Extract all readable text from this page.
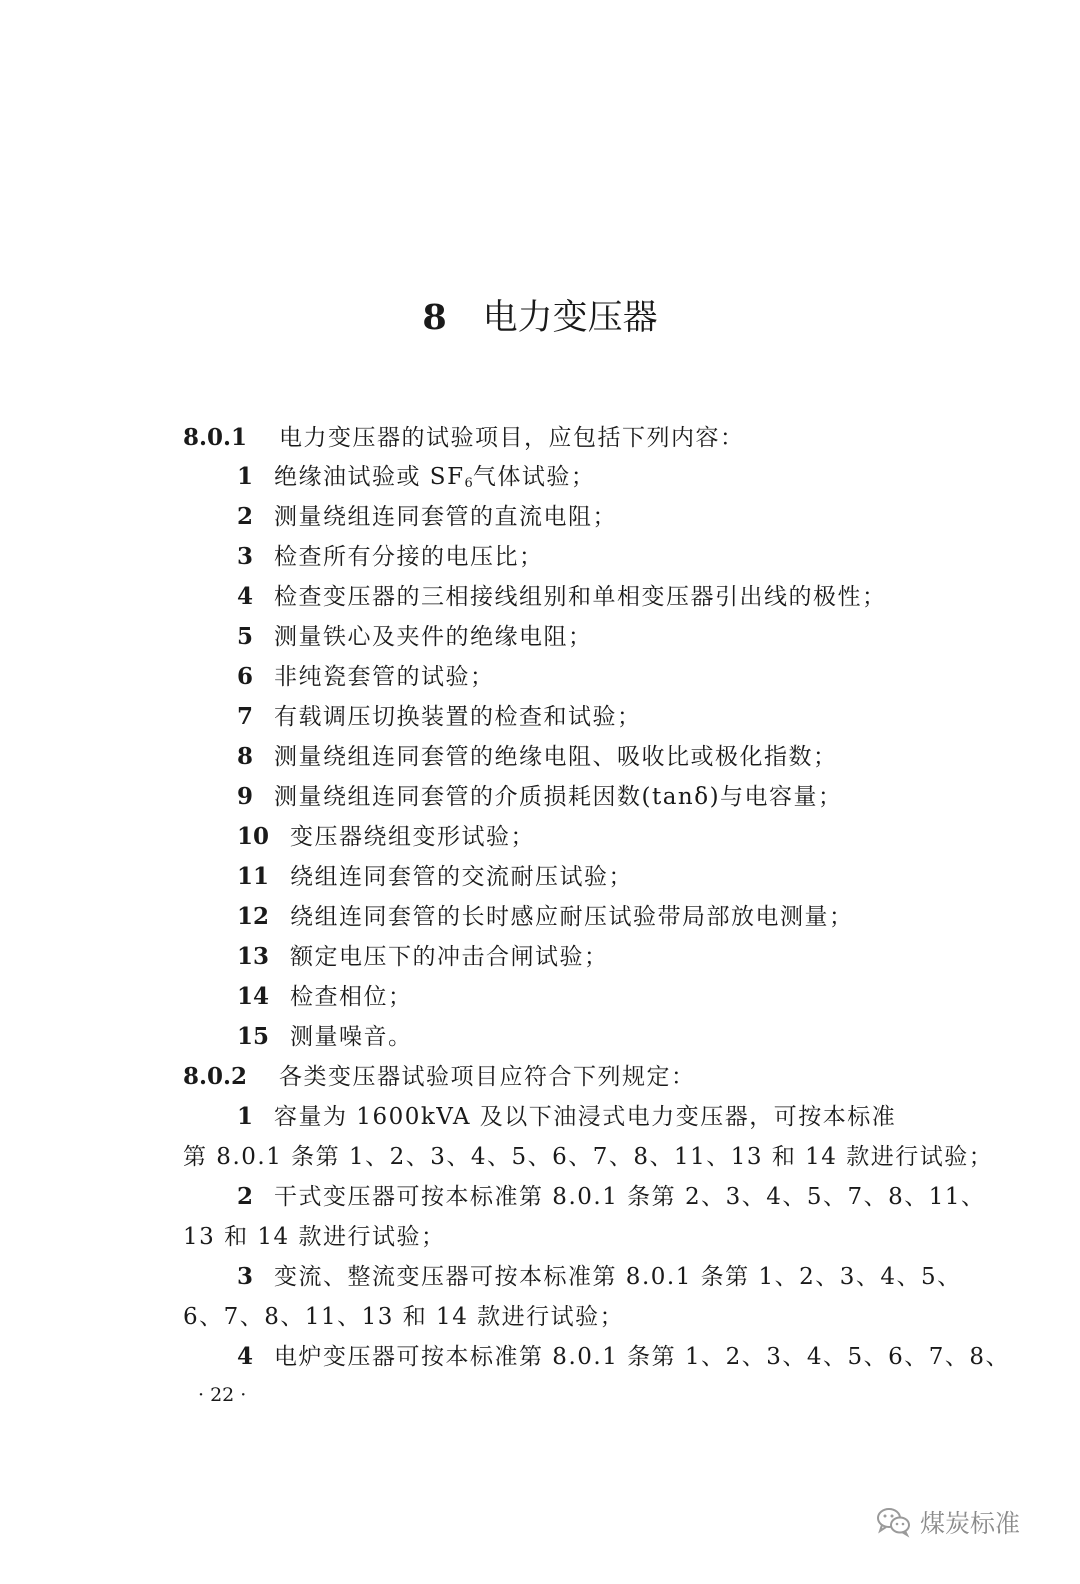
8 电力变压器
8.0.1 电力变压器的试验项目，应包括下列内容：
1 绝缘油试验或 $SF_6$气体试验；
2 测量绕组连同套管的直流电阻；
3 检查所有分接的电压比；
4 检查变压器的三相接线组别和单相变压器引出线的极性；
5 测量铁心及夹件的绝缘电阻；
6 非纯瓷套管的试验；
7 有载调压切换装置的检查和试验；
8 测量绕组连同套管的绝缘电阻、吸收比或极化指数；
9 测量绕组连同套管的介质损耗因数(tanδ)与电容量；
10 变压器绕组变形试验；
11 绕组连同套管的交流耐压试验；
12 绕组连同套管的长时感应耐压试验带局部放电测量；
13 额定电压下的冲击合闸试验；
14 检查相位；
15 测量噪音。
8.0.2 各类变压器试验项目应符合下列规定：
1 容量为 1600kVA 及以下油浸式电力变压器，可按本标准
第 8.0.1 条第 1、2、3、4、5、6、7、8、11、13 和 14 款进行试验；
2 干式变压器可按本标准第 8.0.1 条第 2、3、4、5、7、8、11、
13 和 14 款进行试验；
3 变流、整流变压器可按本标准第 8.0.1 条第 1、2、3、4、5、
6、7、8、11、13 和 14 款进行试验；
4 电炉变压器可按本标准第 8.0.1 条第 1、2、3、4、5、6、7、8、
· 22 ·
煤炭标准
